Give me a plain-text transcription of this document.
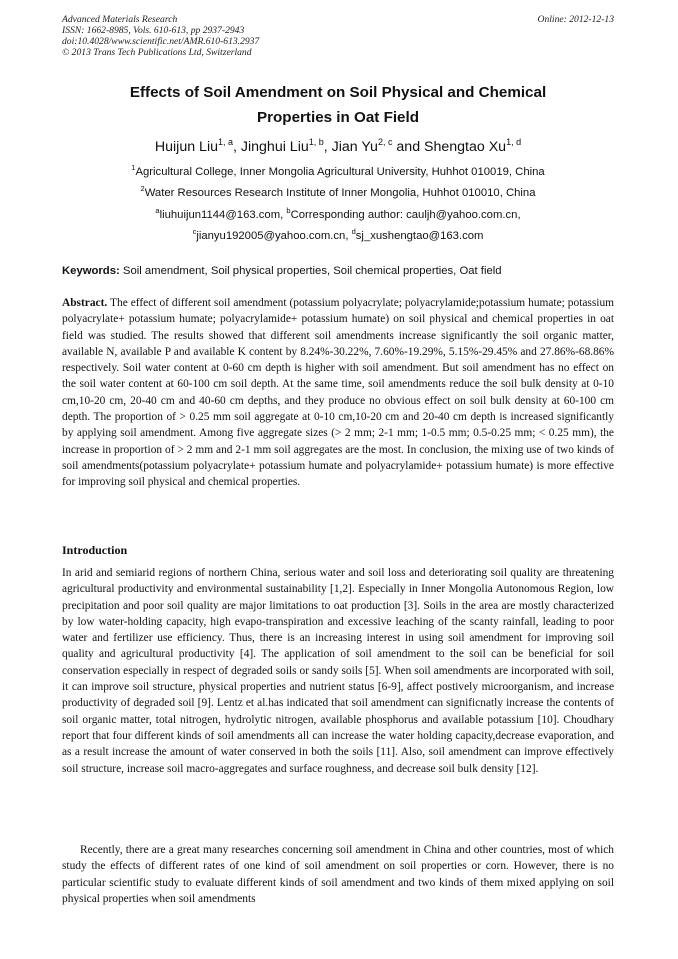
Advanced Materials Research
ISSN: 1662-8985, Vols. 610-613, pp 2937-2943
doi:10.4028/www.scientific.net/AMR.610-613.2937
© 2013 Trans Tech Publications Ltd, Switzerland
Online: 2012-12-13
Effects of Soil Amendment on Soil Physical and Chemical
Properties in Oat Field
Huijun Liu$^{1, a}$, Jinghui Liu$^{1, b}$, Jian Yu$^{2, c}$ and Shengtao Xu$^{1, d}$
$^1$Agricultural College, Inner Mongolia Agricultural University, Huhhot 010019, China
$^2$Water Resources Research Institute of Inner Mongolia, Huhhot 010010, China
$^a$liuhuijun1144@163.com, $^b$Corresponding author: cauljh@yahoo.com.cn,
$^c$jianyu192005@yahoo.com.cn, $^d$sj_xushengtao@163.com
Keywords: Soil amendment, Soil physical properties, Soil chemical properties, Oat field
Abstract. The effect of different soil amendment (potassium polyacrylate; polyacrylamide;potassium humate; potassium polyacrylate+ potassium humate; polyacrylamide+ potassium humate) on soil physical and chemical properties in oat field was studied. The results showed that different soil amendments increase significantly the soil organic matter, available N, available P and available K content by 8.24%-30.22%, 7.60%-19.29%, 5.15%-29.45% and 27.86%-68.86% respectively. Soil water content at 0-60 cm depth is higher with soil amendment. But soil amendment has no effect on the soil water content at 60-100 cm soil depth. At the same time, soil amendments reduce the soil bulk density at 0-10 cm,10-20 cm, 20-40 cm and 40-60 cm depths, and they produce no obvious effect on soil bulk density at 60-100 cm depth. The proportion of > 0.25 mm soil aggregate at 0-10 cm,10-20 cm and 20-40 cm depth is increased significantly by applying soil amendment. Among five aggregate sizes (> 2 mm; 2-1 mm; 1-0.5 mm; 0.5-0.25 mm; < 0.25 mm), the increase in proportion of > 2 mm and 2-1 mm soil aggregates are the most. In conclusion, the mixing use of two kinds of soil amendments(potassium polyacrylate+ potassium humate and polyacrylamide+ potassium humate) is more effective for improving soil physical and chemical properties.
Introduction
In arid and semiarid regions of northern China, serious water and soil loss and deteriorating soil quality are threatening agricultural productivity and environmental sustainability [1,2]. Especially in Inner Mongolia Autonomous Region, low precipitation and poor soil quality are major limitations to oat production [3]. Soils in the area are mostly characterized by low water-holding capacity, high evapo-transpiration and excessive leaching of the scanty rainfall, leading to poor water and fertilizer use efficiency. Thus, there is an increasing interest in using soil amendment for improving soil quality and agricultural productivity [4]. The application of soil amendment to the soil can be beneficial for soil conservation especially in respect of degraded soils or sandy soils [5]. When soil amendments are incorporated with soil, it can improve soil structure, physical properties and nutrient status [6-9], affect postively microorganism, and increase productivity of degraded soil [9]. Lentz et al.has indicated that soil amendment can significnatly increase the contents of soil organic matter, total nitrogen, hydrolytic nitrogen, available phosphorus and available potassium [10]. Choudhary report that four different kinds of soil amendments all can increase the water holding capacity,decrease evaporation, and as a result increase the amount of water conserved in both the soils [11]. Also, soil amendment can improve effectively soil structure, increase soil macro-aggregates and surface roughness, and decrease soil bulk density [12].
Recently, there are a great many researches concerning soil amendment in China and other countries, most of which study the effects of different rates of one kind of soil amendment on soil properties or corn. However, there is no particular scientific study to evaluate different kinds of soil amendment and two kinds of them mixed applying on soil physical properties when soil amendments
